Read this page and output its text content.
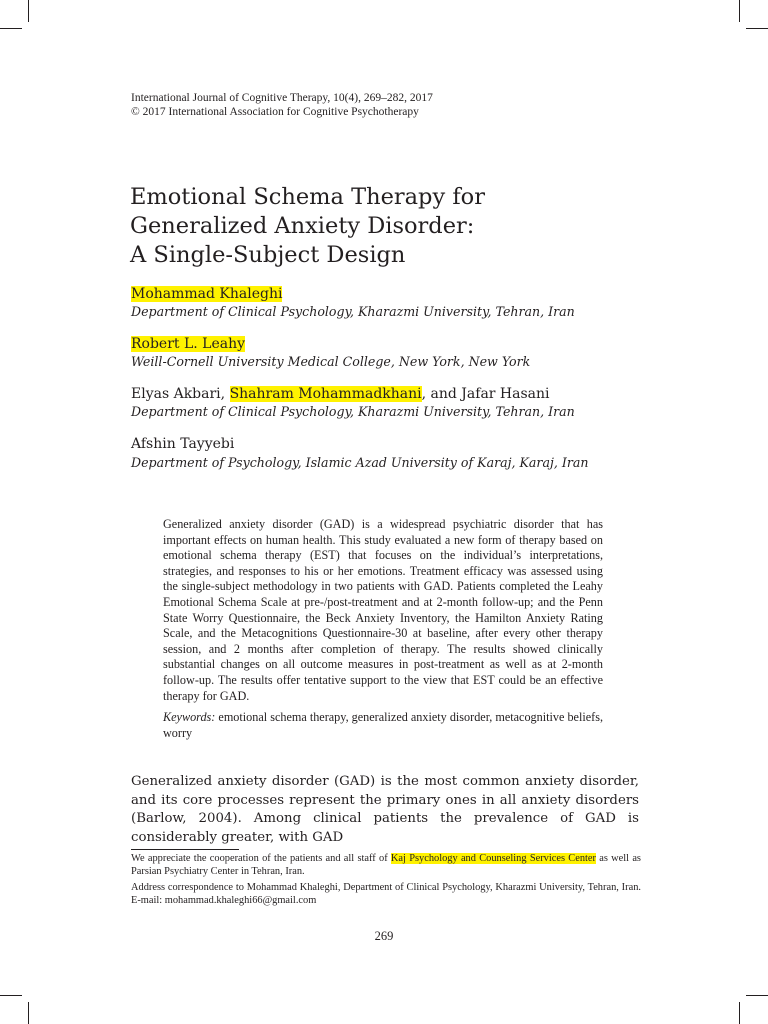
International Journal of Cognitive Therapy, 10(4), 269–282, 2017
© 2017 International Association for Cognitive Psychotherapy
Emotional Schema Therapy for
Generalized Anxiety Disorder:
A Single-Subject Design
Mohammad Khaleghi
Department of Clinical Psychology, Kharazmi University, Tehran, Iran
Robert L. Leahy
Weill-Cornell University Medical College, New York, New York
Elyas Akbari, Shahram Mohammadkhani, and Jafar Hasani
Department of Clinical Psychology, Kharazmi University, Tehran, Iran
Afshin Tayyebi
Department of Psychology, Islamic Azad University of Karaj, Karaj, Iran

Generalized anxiety disorder (GAD) is a widespread psychiatric disorder that has important effects on human health. This study evaluated a new form of therapy based on emotional schema therapy (EST) that focuses on the individual’s interpretations, strategies, and responses to his or her emotions. Treatment efficacy was assessed using the single-subject methodology in two patients with GAD. Patients completed the Leahy Emotional Schema Scale at pre-/post-treatment and at 2-month follow-up; and the Penn State Worry Questionnaire, the Beck Anxiety Inventory, the Hamilton Anxiety Rating Scale, and the Metacognitions Questionnaire-30 at baseline, after every other therapy session, and 2 months after completion of therapy. The results showed clinically substantial changes on all outcome measures in post-treatment as well as at 2-month follow-up. The results offer tentative support to the view that EST could be an effective therapy for GAD.

Keywords: emotional schema therapy, generalized anxiety disorder, metacognitive beliefs, worry

Generalized anxiety disorder (GAD) is the most common anxiety disorder, and its core processes represent the primary ones in all anxiety disorders (Barlow, 2004). Among clinical patients the prevalence of GAD is considerably greater, with GAD

We appreciate the cooperation of the patients and all staff of Kaj Psychology and Counseling Services Center as well as Parsian Psychiatry Center in Tehran, Iran.

Address correspondence to Mohammad Khaleghi, Department of Clinical Psychology, Kharazmi University, Tehran, Iran. E-mail: mohammad.khaleghi66@gmail.com

269
